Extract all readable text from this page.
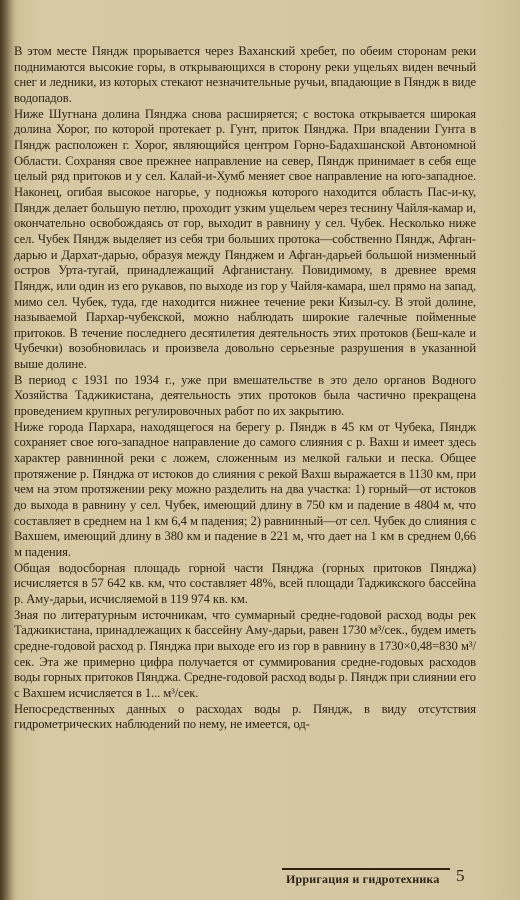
В этом месте Пяндж прорывается через Ваханский хребет, по обеим сторонам реки поднимаются высокие горы, в открывающихся в сторону реки ущельях виден вечный снег и ледники, из которых стекают незначительные ручьи, впадающие в Пяндж в виде водопадов.

Ниже Шугнана долина Пянджа снова расширяется; с востока открывается широкая долина Хорог, по которой протекает р. Гунт, приток Пянджа. При впадении Гунта в Пяндж расположен г. Хорог, являющийся центром Горно-Бадахшанской Автономной Области. Сохраняя свое прежнее направление на север, Пяндж принимает в себя еще целый ряд притоков и у сел. Калай-и-Хумб меняет свое направление на юго-западное. Наконец, огибая высокое нагорье, у подножья которого находится область Пас-и-ку, Пяндж делает большую петлю, проходит узким ущельем через теснину Чайля-камар и, окончательно освобождаясь от гор, выходит в равнину у сел. Чубек. Несколько ниже сел. Чубек Пяндж выделяет из себя три больших протока—собственно Пяндж, Афган-дарью и Дархат-дарью, образуя между Пянджем и Афган-дарьей большой низменный остров Урта-тугай, принадлежащий Афганистану. Повидимому, в древнее время Пяндж, или один из его рукавов, по выходе из гор у Чайля-камара, шел прямо на запад, мимо сел. Чубек, туда, где находится нижнее течение реки Кизыл-су. В этой долине, называемой Пархар-чубекской, можно наблюдать широкие галечные пойменные притоков. В течение последнего десятилетия деятельность этих протоков (Беш-кале и Чубечки) возобновилась и произвела довольно серьезные разрушения в указанной выше долине.

В период с 1931 по 1934 г., уже при вмешательстве в это дело органов Водного Хозяйства Таджикистана, деятельность этих протоков была частично прекращена проведением крупных регулировочных работ по их закрытию.

Ниже города Пархара, находящегося на берегу р. Пяндж в 45 км от Чубека, Пяндж сохраняет свое юго-западное направление до самого слияния с р. Вахш и имеет здесь характер равнинной реки с ложем, сложенным из мелкой гальки и песка. Общее протяжение р. Пянджа от истоков до слияния с рекой Вахш выражается в 1130 км, при чем на этом протяжении реку можно разделить на два участка: 1) горный—от истоков до выхода в равнину у сел. Чубек, имеющий длину в 750 км и падение в 4804 м, что составляет в среднем на 1 км 6,4 м падения; 2) равнинный—от сел. Чубек до слияния с Вахшем, имеющий длину в 380 км и падение в 221 м, что дает на 1 км в среднем 0,66 м падения.

Общая водосборная площадь горной части Пянджа (горных притоков Пянджа) исчисляется в 57 642 кв. км, что составляет 48%, всей площади Таджикского бассейна р. Аму-дарьи, исчисляемой в 119 974 кв. км.

Зная по литературным источникам, что суммарный средне-годовой расход воды рек Таджикистана, принадлежащих к бассейну Аму-дарьи, равен 1730 м³/сек., будем иметь средне-годовой расход р. Пянджа при выходе его из гор в равнину в 1730×0,48=830 м³/сек. Эта же примерно цифра получается от суммирования средне-годовых расходов воды горных притоков Пянджа. Средне-годовой расход воды р. Пяндж при слиянии его с Вахшем исчисляется в 1... м³/сек.

Непосредственных данных о расходах воды р. Пяндж, в виду отсутствия гидрометрических наблюдений по нему, не имеется, од-

Ирригация и гидротехника 5
